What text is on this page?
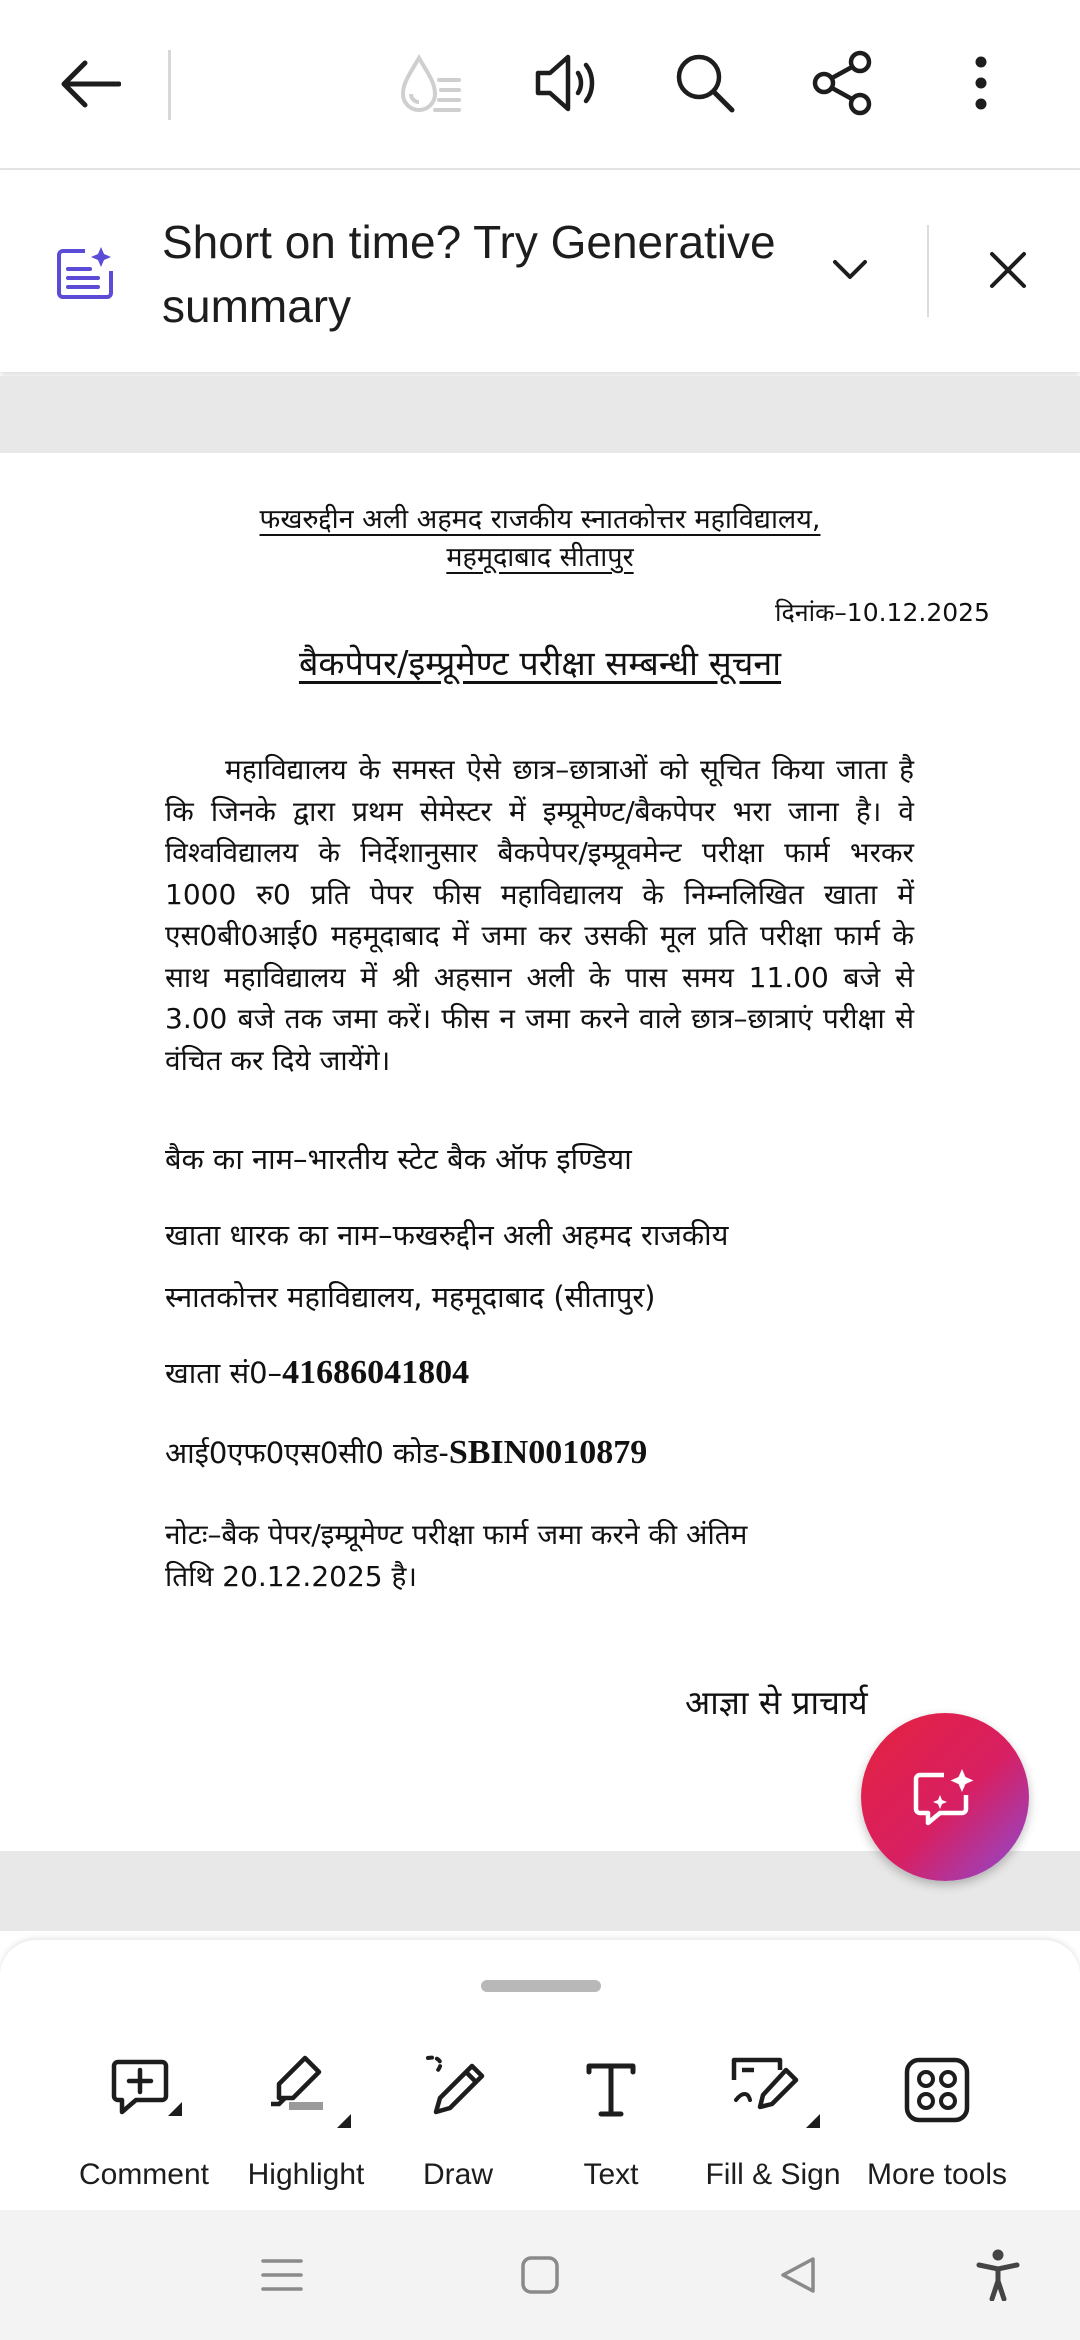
Short on time? Try Generative summary
फखरुद्दीन अली अहमद राजकीय स्नातकोत्तर महाविद्यालय,
महमूदाबाद सीतापुर
दिनांक–10.12.2025
बैकपेपर/इम्प्रूमेण्ट परीक्षा सम्बन्धी सूचना
महाविद्यालय के समस्त ऐसे छात्र–छात्राओं को सूचित किया जाता है कि जिनके द्वारा प्रथम सेमेस्टर में इम्प्रूमेण्ट/बैकपेपर भरा जाना है। वे विश्वविद्यालय के निर्देशानुसार बैकपेपर/इम्प्रूवमेन्ट परीक्षा फार्म भरकर 1000 रु0 प्रति पेपर फीस महाविद्यालय के निम्नलिखित खाता में एस0बी0आई0 महमूदाबाद में जमा कर उसकी मूल प्रति परीक्षा फार्म के साथ महाविद्यालय में श्री अहसान अली के पास समय 11.00 बजे से 3.00 बजे तक जमा करें। फीस न जमा करने वाले छात्र–छात्राएं परीक्षा से वंचित कर दिये जायेंगे।
बैक का नाम–भारतीय स्टेट बैक ऑफ इण्डिया
खाता धारक का नाम–फखरुद्दीन अली अहमद राजकीय
स्नातकोत्तर महाविद्यालय, महमूदाबाद (सीतापुर)
खाता सं0–41686041804
आई0एफ0एस0सी0 कोड-SBIN0010879
नोटः–बैक पेपर/इम्प्रूमेण्ट परीक्षा फार्म जमा करने की अंतिम
तिथि 20.12.2025 है।
आज्ञा से प्राचार्य
Comment	Highlight	Draw	Text	Fill & Sign More tools
